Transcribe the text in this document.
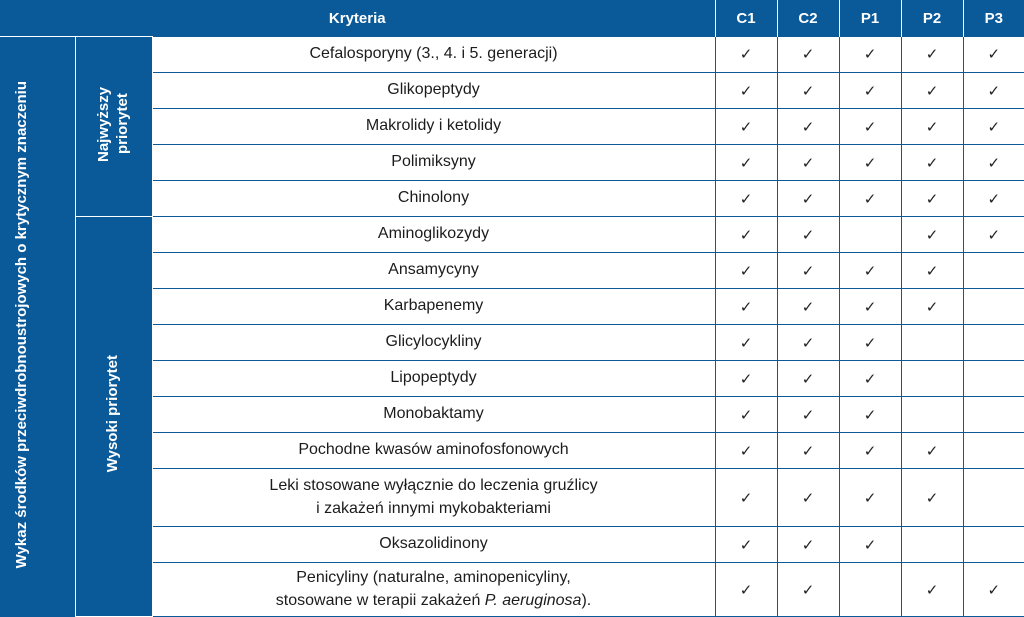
Kryteria			C1	C2	P1	P2	P3
Wykaz środków przeciwdrobnoustrojowych o krytycznym znaczeniu	Najwyższy priorytet	Cefalosporyny (3., 4. i 5. generacji)	✓	✓	✓	✓	✓
		Glikopeptydy	✓	✓	✓	✓	✓
		Makrolidy i ketolidy	✓	✓	✓	✓	✓
		Polimiksyny	✓	✓	✓	✓	✓
		Chinolony	✓	✓	✓	✓	✓
	Wysoki priorytet	Aminoglikozydy	✓	✓		✓	✓
		Ansamycyny	✓	✓	✓	✓	
		Karbapenemy	✓	✓	✓	✓	
		Glicylocykliny	✓	✓	✓		
		Lipopeptydy	✓	✓	✓		
		Monobaktamy	✓	✓	✓		
		Pochodne kwasów aminofosfonowych	✓	✓	✓	✓	
		Leki stosowane wyłącznie do leczenia gruźlicy
i zakażeń innymi mykobakteriami	✓	✓	✓	✓	
		Oksazolidinony	✓	✓	✓		
		Penicyliny (naturalne, aminopenicyliny,
stosowane w terapii zakażeń P. aeruginosa).	✓	✓		✓	✓
